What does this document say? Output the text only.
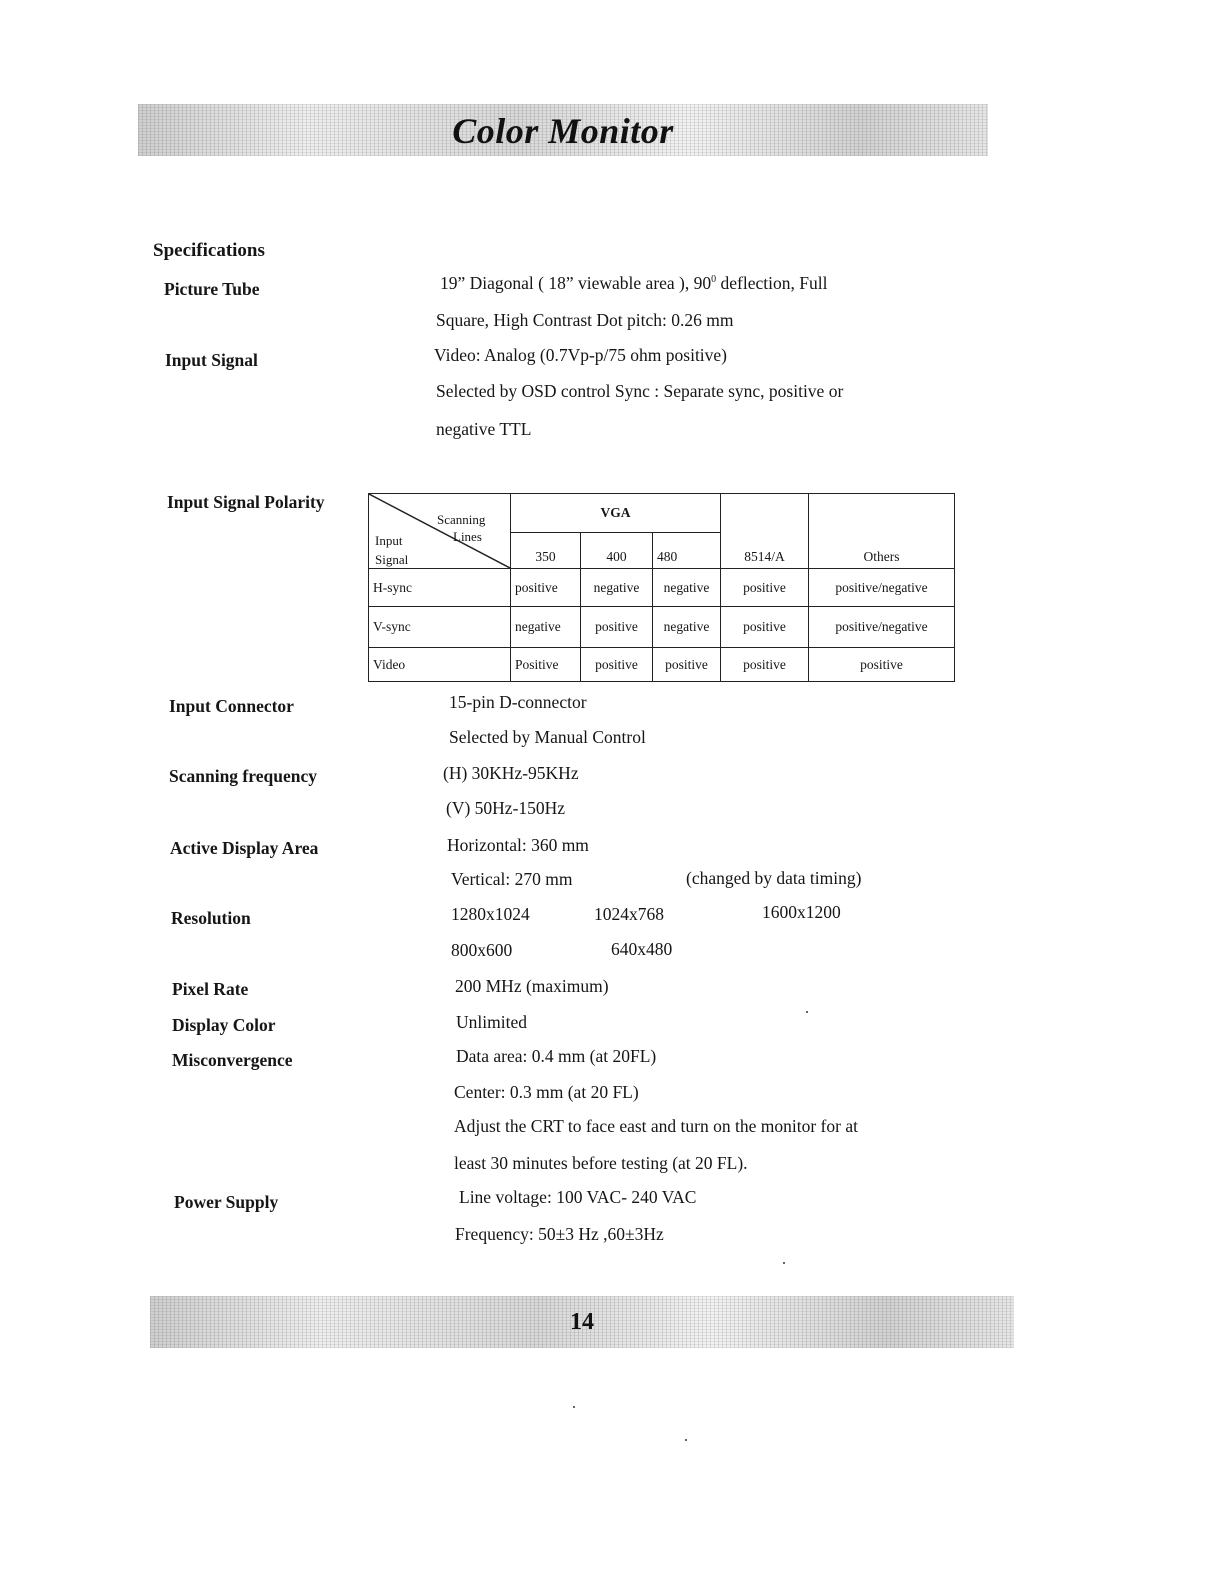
Color Monitor
Specifications
Picture Tube	19” Diagonal ( 18” viewable area ), $90^0$ deflection, Full
Square, High Contrast Dot pitch: 0.26 mm
Input Signal	Video: Analog (0.7Vp-p/75 ohm positive)
Selected by OSD control Sync : Separate sync, positive or
negative TTL
Input Signal Polarity
Scanning
Lines
Input
Signal	VGA			8514/A	Others
	350	400	480		
H-sync	positive	negative	negative	positive	positive/negative
V-sync	negative	positive	negative	positive	positive/negative
Video	Positive	positive	positive	positive	positive
Input Connector	15-pin D-connector
Selected by Manual Control
Scanning frequency	(H) 30KHz-95KHz
(V) 50Hz-150Hz
Active Display Area	Horizontal: 360 mm
Vertical: 270 mm	(changed by data timing)
Resolution	1280x1024	1024x768	1600x1200
800x600	640x480
Pixel Rate	200 MHz (maximum)
Display Color	Unlimited
Misconvergence	Data area: 0.4 mm (at 20FL)
Center: 0.3 mm (at 20 FL)
Adjust the CRT to face east and turn on the monitor for at
least 30 minutes before testing (at 20 FL).
Power Supply	Line voltage: 100 VAC- 240 VAC
Frequency: 50±3 Hz ,60±3Hz
14
